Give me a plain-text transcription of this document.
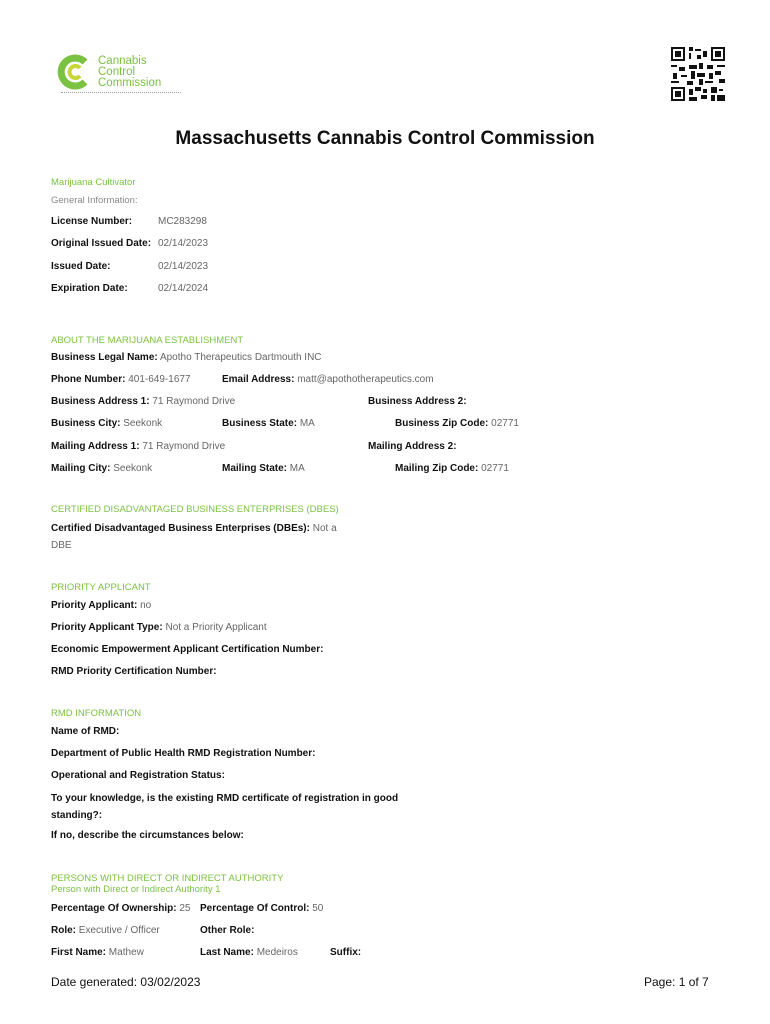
Cannabis
Control
Commission
Massachusetts Cannabis Control Commission
Marijuana Cultivator
General Information:
License Number:	MC283298
Original Issued Date: 02/14/2023
Issued Date:	02/14/2023
Expiration Date:	02/14/2024
ABOUT THE MARIJUANA ESTABLISHMENT
Business Legal Name: Apotho Therapeutics Dartmouth INC
Phone Number: 401-649-1677	Email Address: matt@apothotherapeutics.com
Business Address 1: 71 Raymond Drive	Business Address 2:
Business City: Seekonk	Business State: MA	Business Zip Code: 02771
Mailing Address 1: 71 Raymond Drive	Mailing Address 2:
Mailing City: Seekonk	Mailing State: MA	Mailing Zip Code: 02771
CERTIFIED DISADVANTAGED BUSINESS ENTERPRISES (DBES)
Certified Disadvantaged Business Enterprises (DBEs): Not a
DBE
PRIORITY APPLICANT
Priority Applicant: no
Priority Applicant Type: Not a Priority Applicant
Economic Empowerment Applicant Certification Number:
RMD Priority Certification Number:
RMD INFORMATION
Name of RMD:
Department of Public Health RMD Registration Number:
Operational and Registration Status:
To your knowledge, is the existing RMD certificate of registration in good
standing?:
If no, describe the circumstances below:
PERSONS WITH DIRECT OR INDIRECT AUTHORITY
Person with Direct or Indirect Authority 1
Percentage Of Ownership: 25 Percentage Of Control: 50
Role: Executive / Officer	Other Role:
First Name: Mathew	Last Name: Medeiros	Suffix:
Date generated: 03/02/2023	Page: 1 of 7
